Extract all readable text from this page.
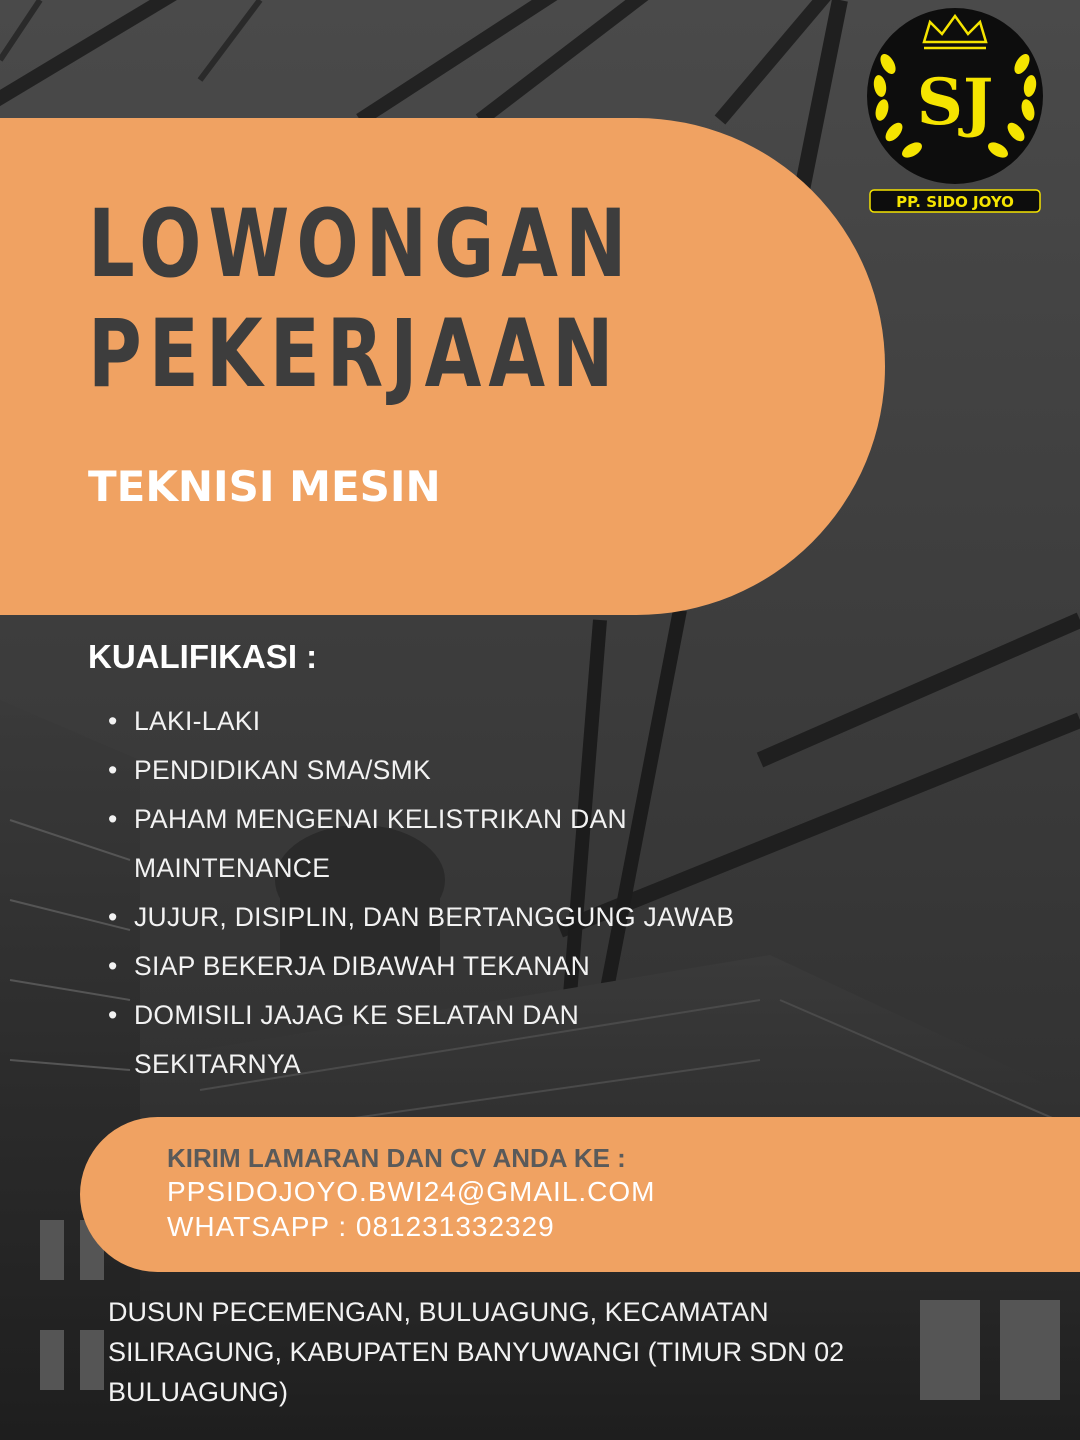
LOWONGAN
PEKERJAAN
TEKNISI MESIN
SJ
PP. SIDO JOYO
KUALIFIKASI :
• LAKI-LAKI
• PENDIDIKAN SMA/SMK
• PAHAM MENGENAI KELISTRIKAN DAN MAINTENANCE
• JUJUR, DISIPLIN, DAN BERTANGGUNG JAWAB
• SIAP BEKERJA DIBAWAH TEKANAN
• DOMISILI JAJAG KE SELATAN DAN SEKITARNYA
KIRIM LAMARAN DAN CV ANDA KE :
PPSIDOJOYO.BWI24@GMAIL.COM
WHATSAPP : 081231332329
DUSUN PECEMENGAN, BULUAGUNG, KECAMATAN SILIRAGUNG, KABUPATEN BANYUWANGI (TIMUR SDN 02 BULUAGUNG)
